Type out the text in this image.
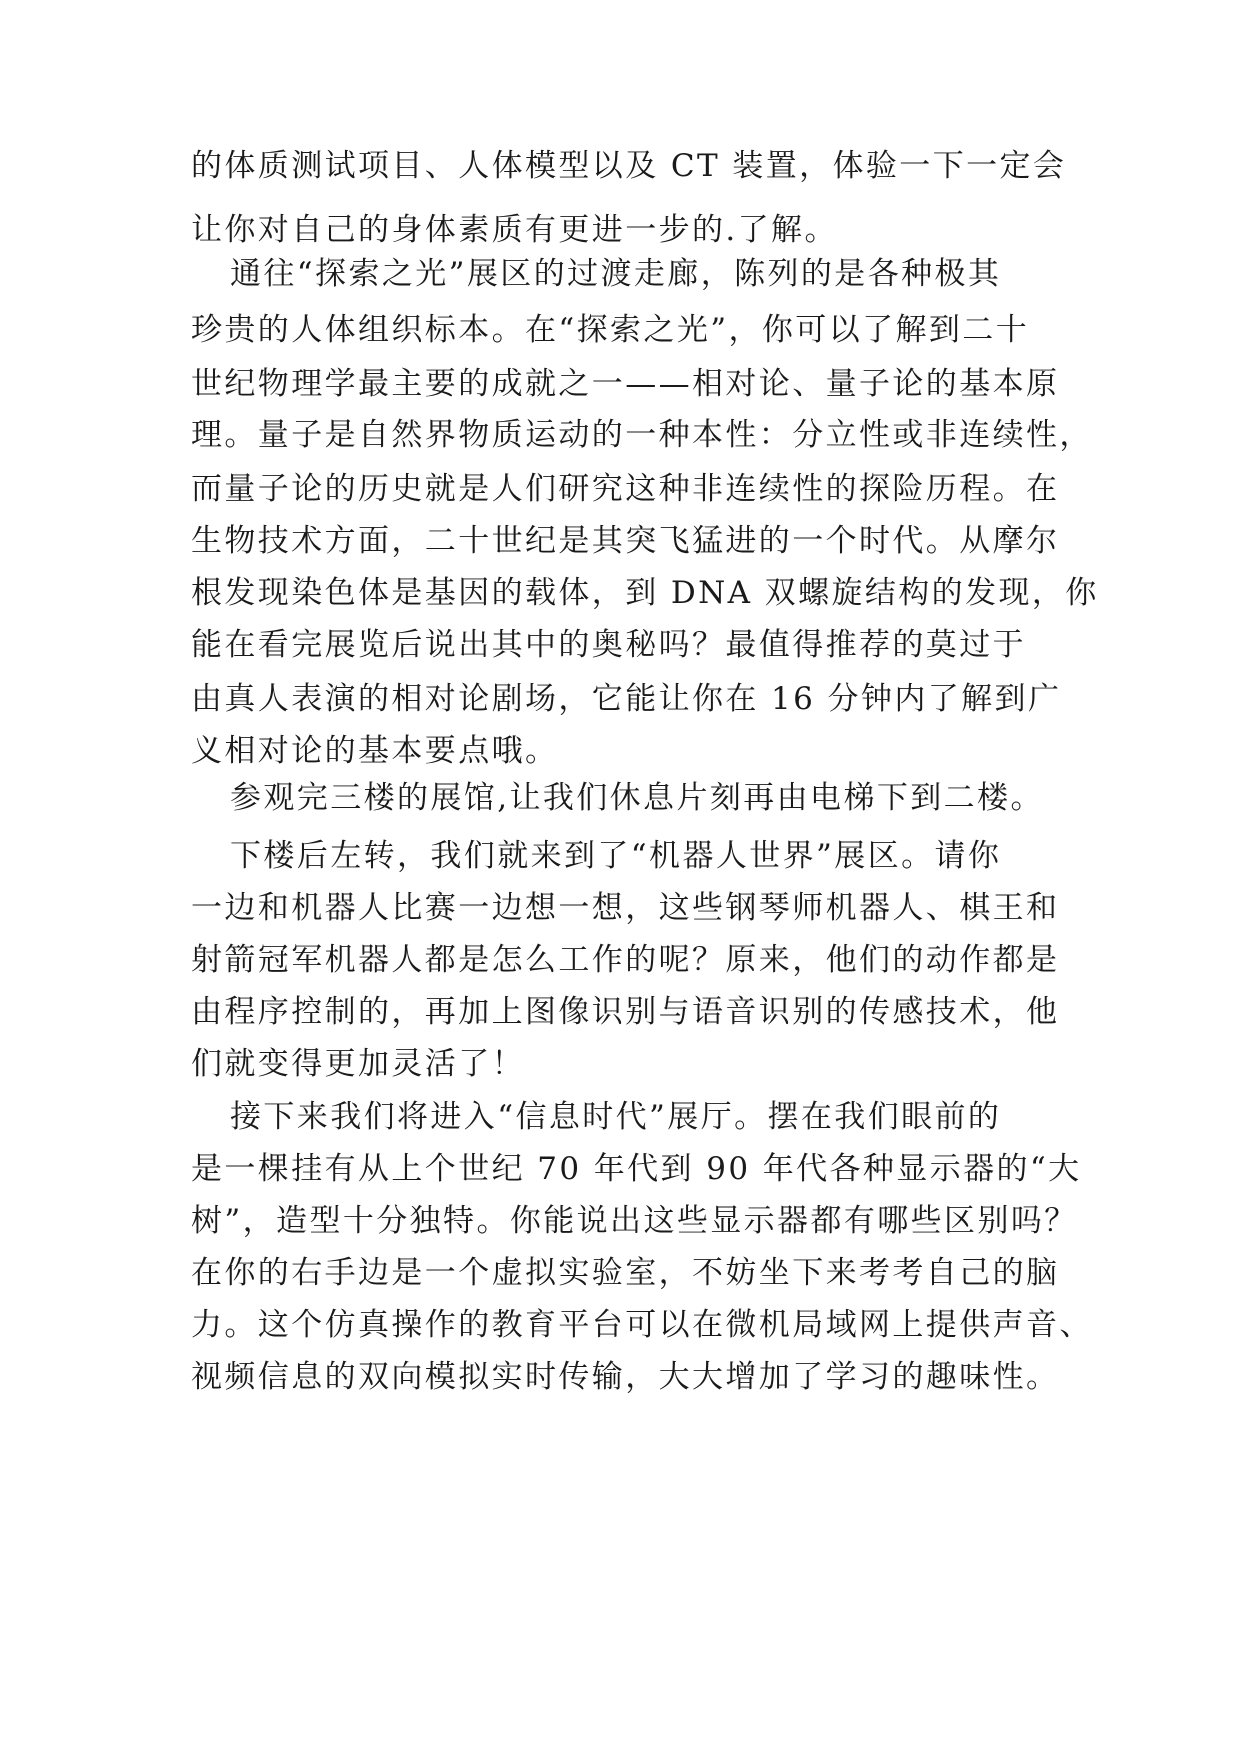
的体质测试项目、人体模型以及 CT 装置，体验一下一定会
让你对自己的身体素质有更进一步的.了解。
通往“探索之光”展区的过渡走廊，陈列的是各种极其
珍贵的人体组织标本。在“探索之光”，你可以了解到二十
世纪物理学最主要的成就之一——相对论、量子论的基本原
理。量子是自然界物质运动的一种本性：分立性或非连续性，
而量子论的历史就是人们研究这种非连续性的探险历程。在
生物技术方面，二十世纪是其突飞猛进的一个时代。从摩尔
根发现染色体是基因的载体，到 DNA 双螺旋结构的发现，你
能在看完展览后说出其中的奥秘吗？最值得推荐的莫过于
由真人表演的相对论剧场，它能让你在 16 分钟内了解到广
义相对论的基本要点哦。
参观完三楼的展馆,让我们休息片刻再由电梯下到二楼。
下楼后左转，我们就来到了“机器人世界”展区。请你
一边和机器人比赛一边想一想，这些钢琴师机器人、棋王和
射箭冠军机器人都是怎么工作的呢？原来，他们的动作都是
由程序控制的，再加上图像识别与语音识别的传感技术，他
们就变得更加灵活了！
接下来我们将进入“信息时代”展厅。摆在我们眼前的
是一棵挂有从上个世纪 70 年代到 90 年代各种显示器的“大
树”，造型十分独特。你能说出这些显示器都有哪些区别吗？
在你的右手边是一个虚拟实验室，不妨坐下来考考自己的脑
力。这个仿真操作的教育平台可以在微机局域网上提供声音、
视频信息的双向模拟实时传输，大大增加了学习的趣味性。
